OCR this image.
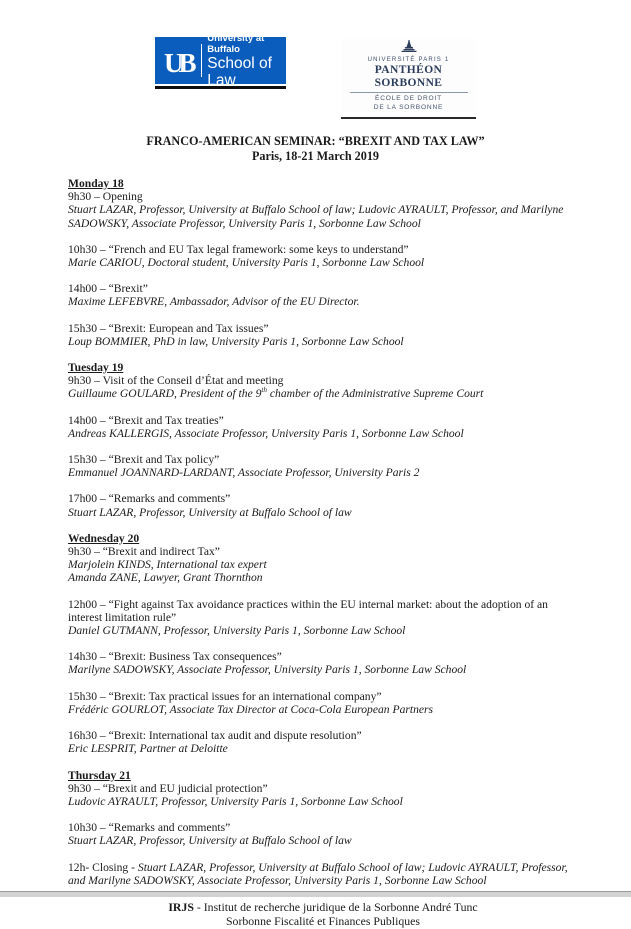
UB
University at Buffalo
School of Law
UNIVERSITÉ PARIS 1
PANTHÉON SORBONNE
ÉCOLE DE DROIT
DE LA SORBONNE
FRANCO-AMERICAN SEMINAR: “BREXIT AND TAX LAW”
Paris, 18-21 March 2019
Monday 18
9h30 – Opening
Stuart LAZAR, Professor, University at Buffalo School of law; Ludovic AYRAULT, Professor, and Marilyne SADOWSKY, Associate Professor, University Paris 1, Sorbonne Law School
10h30 – “French and EU Tax legal framework: some keys to understand”
Marie CARIOU, Doctoral student, University Paris 1, Sorbonne Law School
14h00 – “Brexit”
Maxime LEFEBVRE, Ambassador, Advisor of the EU Director.
15h30 – “Brexit: European and Tax issues”
Loup BOMMIER, PhD in law, University Paris 1, Sorbonne Law School
Tuesday 19
9h30 – Visit of the Conseil d’État and meeting
Guillaume GOULARD, President of the 9th chamber of the Administrative Supreme Court
14h00 – “Brexit and Tax treaties”
Andreas KALLERGIS, Associate Professor, University Paris 1, Sorbonne Law School
15h30 – “Brexit and Tax policy”
Emmanuel JOANNARD-LARDANT, Associate Professor, University Paris 2
17h00 – “Remarks and comments”
Stuart LAZAR, Professor, University at Buffalo School of law
Wednesday 20
9h30 – “Brexit and indirect Tax”
Marjolein KINDS, International tax expert
Amanda ZANE, Lawyer, Grant Thornthon
12h00 – “Fight against Tax avoidance practices within the EU internal market: about the adoption of an interest limitation rule”
Daniel GUTMANN, Professor, University Paris 1, Sorbonne Law School
14h30 – “Brexit: Business Tax consequences”
Marilyne SADOWSKY, Associate Professor, University Paris 1, Sorbonne Law School
15h30 – “Brexit: Tax practical issues for an international company”
Frédéric GOURLOT, Associate Tax Director at Coca-Cola European Partners
16h30 – “Brexit: International tax audit and dispute resolution”
Eric LESPRIT, Partner at Deloitte
Thursday 21
9h30 – “Brexit and EU judicial protection”
Ludovic AYRAULT, Professor, University Paris 1, Sorbonne Law School
10h30 – “Remarks and comments”
Stuart LAZAR, Professor, University at Buffalo School of law
12h- Closing - Stuart LAZAR, Professor, University at Buffalo School of law; Ludovic AYRAULT, Professor, and Marilyne SADOWSKY, Associate Professor, University Paris 1, Sorbonne Law School
IRJS - Institut de recherche juridique de la Sorbonne André Tunc
Sorbonne Fiscalité et Finances Publiques
